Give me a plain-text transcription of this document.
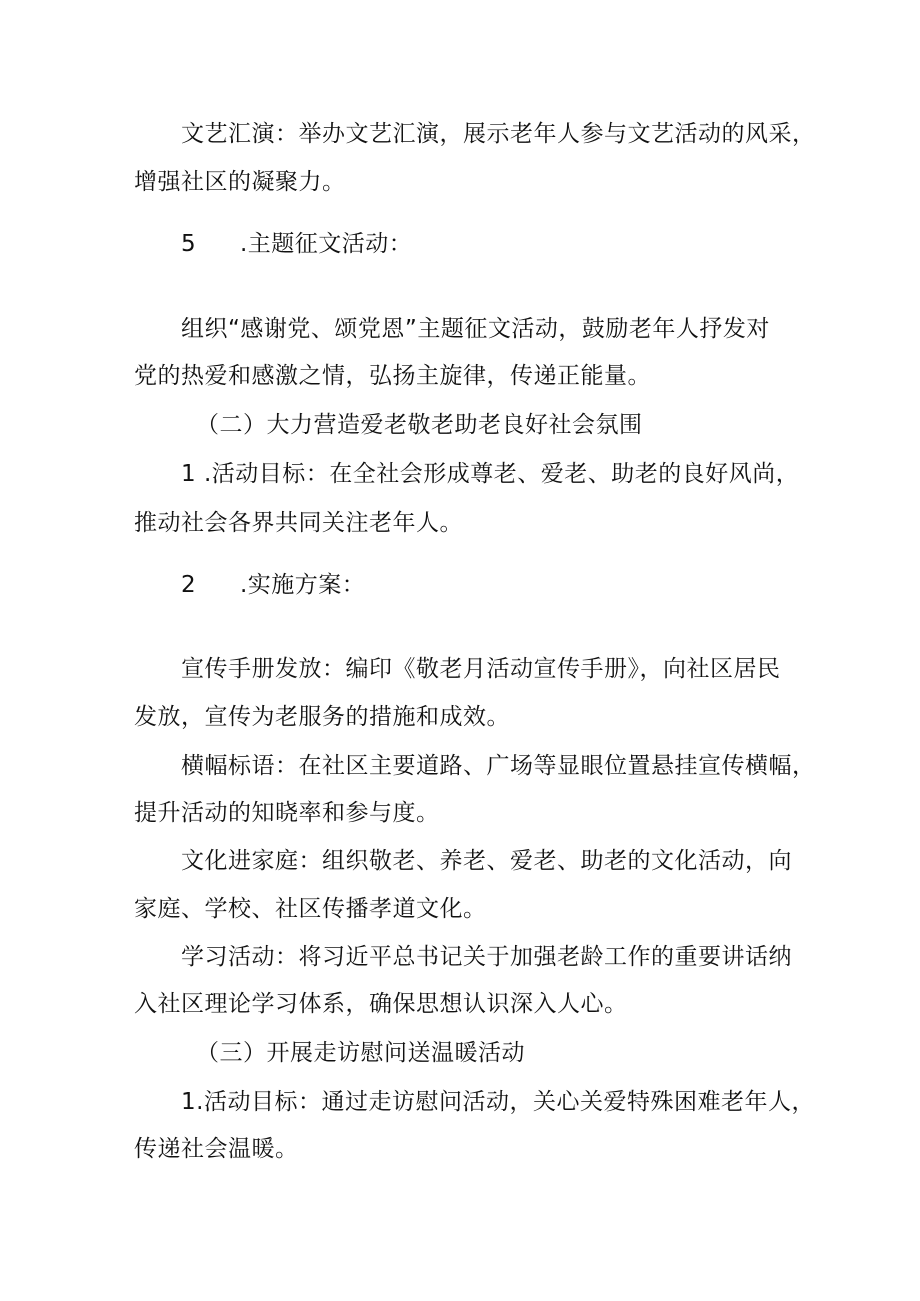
文艺汇演：举办文艺汇演，展示老年人参与文艺活动的风采，
增强社区的凝聚力。
5 .主题征文活动：
组织“感谢党、颂党恩”主题征文活动，鼓励老年人抒发对
党的热爱和感激之情，弘扬主旋律，传递正能量。
（二）大力营造爱老敬老助老良好社会氛围
1 .活动目标：在全社会形成尊老、爱老、助老的良好风尚，
推动社会各界共同关注老年人。
2 .实施方案：
宣传手册发放：编印《敬老月活动宣传手册》，向社区居民
发放，宣传为老服务的措施和成效。
横幅标语：在社区主要道路、广场等显眼位置悬挂宣传横幅，
提升活动的知晓率和参与度。
文化进家庭：组织敬老、养老、爱老、助老的文化活动，向
家庭、学校、社区传播孝道文化。
学习活动：将习近平总书记关于加强老龄工作的重要讲话纳
入社区理论学习体系，确保思想认识深入人心。
（三）开展走访慰问送温暖活动
1.活动目标：通过走访慰问活动，关心关爱特殊困难老年人，
传递社会温暖。
